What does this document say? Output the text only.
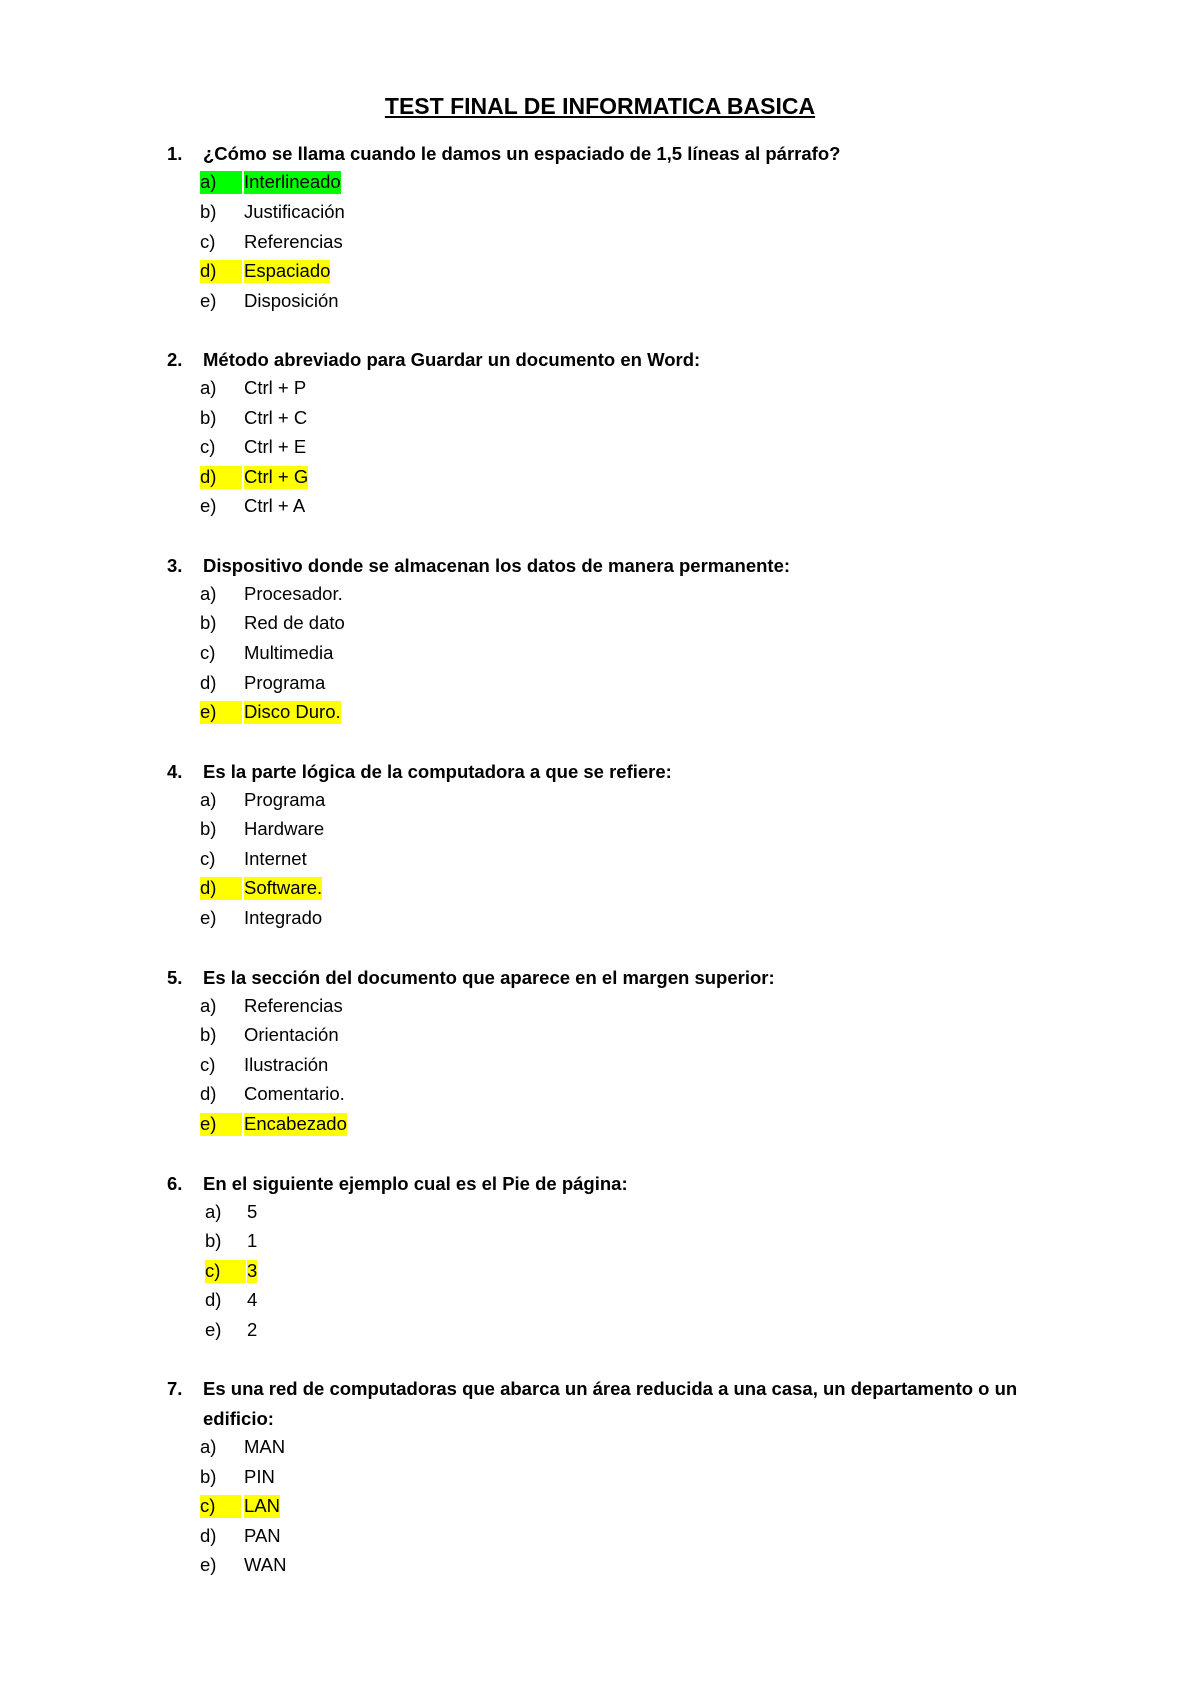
TEST FINAL DE INFORMATICA BASICA
1. ¿Cómo se llama cuando le damos un espaciado de 1,5 líneas al párrafo?
a)	Interlineado
b) Justificación
c) Referencias
d)	Espaciado
e) Disposición
2. Método abreviado para Guardar un documento en Word:
a) Ctrl + P
b) Ctrl + C
c) Ctrl + E
d)	Ctrl + G
e) Ctrl + A
3. Dispositivo donde se almacenan los datos de manera permanente:
a) Procesador.
b) Red de dato
c) Multimedia
d) Programa
e)	Disco Duro.
4. Es la parte lógica de la computadora a que se refiere:
a) Programa
b) Hardware
c) Internet
d)	Software.
e) Integrado
5. Es la sección del documento que aparece en el margen superior:
a) Referencias
b) Orientación
c) Ilustración
d) Comentario.
e)	Encabezado
6. En el siguiente ejemplo cual es el Pie de página:
a) 5
b) 1
c)	3
d) 4
e) 2
7. Es una red de computadoras que abarca un área reducida a una casa, un departamento o un edificio:
a) MAN
b) PIN
c)	LAN
d) PAN
e) WAN
